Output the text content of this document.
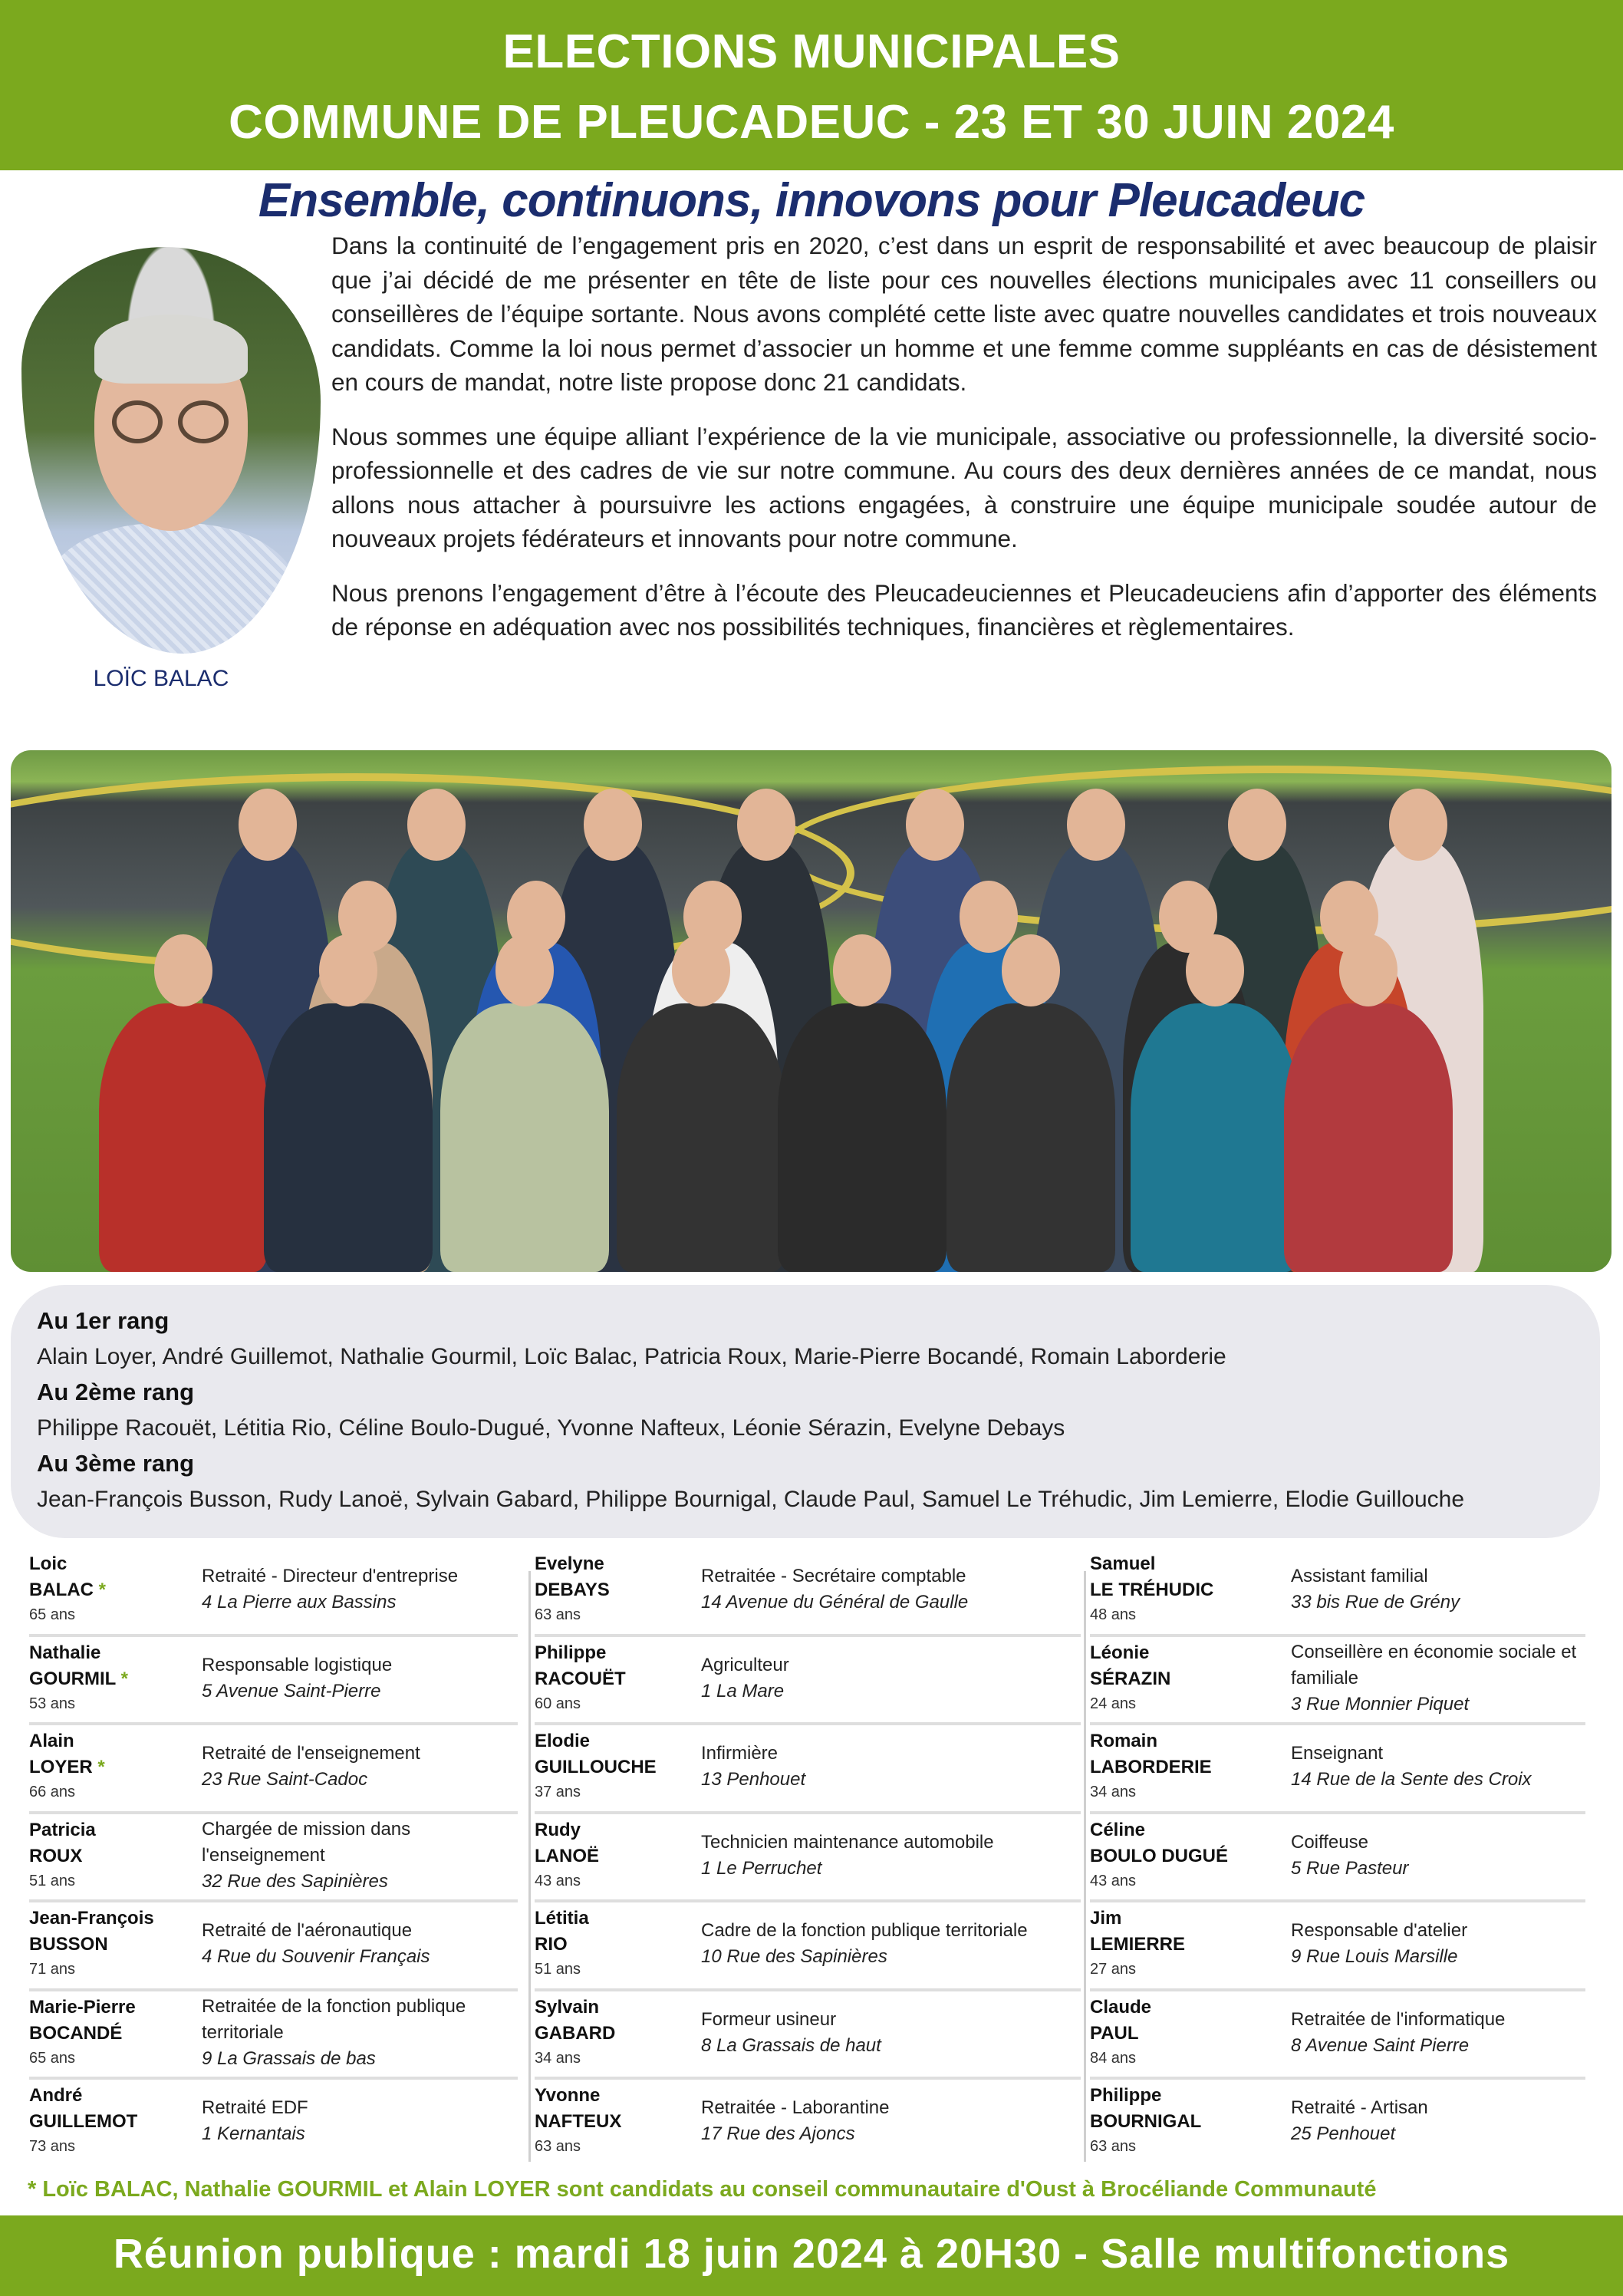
ELECTIONS MUNICIPALES
COMMUNE DE PLEUCADEUC - 23 ET 30 JUIN 2024
Ensemble, continuons, innovons pour Pleucadeuc
LOÏC BALAC

Dans la continuité de l’engagement pris en 2020, c’est dans un esprit de responsabilité et avec beaucoup de plaisir que j’ai décidé de me présenter en tête de liste pour ces nouvelles élections municipales avec 11 conseillers ou conseillères de l’équipe sortante. Nous avons complété cette liste avec quatre nouvelles candidates et trois nouveaux candidats. Comme la loi nous permet d’associer un homme et une femme comme suppléants en cas de désistement en cours de mandat, notre liste propose donc 21 candidats.

Nous sommes une équipe alliant l’expérience de la vie municipale, associative ou professionnelle, la diversité socio-professionnelle et des cadres de vie sur notre commune. Au cours des deux dernières années de ce mandat, nous allons nous attacher à poursuivre les actions engagées, à construire une équipe municipale soudée autour de nouveaux projets fédérateurs et innovants pour notre commune.

Nous prenons l’engagement d’être à l’écoute des Pleucadeuciennes et Pleucadeuciens afin d’apporter des éléments de réponse en adéquation avec nos possibilités techniques, financières et règlementaires.

Au 1er rang
Alain Loyer, André Guillemot, Nathalie Gourmil, Loïc Balac, Patricia Roux, Marie-Pierre Bocandé, Romain Laborderie
Au 2ème rang
Philippe Racouët, Létitia Rio, Céline Boulo-Dugué, Yvonne Nafteux, Léonie Sérazin, Evelyne Debays
Au 3ème rang
Jean-François Busson, Rudy Lanoë, Sylvain Gabard, Philippe Bournigal, Claude Paul, Samuel Le Tréhudic, Jim Lemierre, Elodie Guillouche
Loic
BALAC *
65 ans
Retraité - Directeur d'entreprise
4 La Pierre aux Bassins
Nathalie
GOURMIL *
53 ans
Responsable logistique
5 Avenue Saint-Pierre
Alain
LOYER *
66 ans
Retraité de l'enseignement
23 Rue Saint-Cadoc
Patricia
ROUX
51 ans
Chargée de mission dans l'enseignement
32 Rue des Sapinières
Jean-François
BUSSON
71 ans
Retraité de l'aéronautique
4 Rue du Souvenir Français
Marie-Pierre
BOCANDÉ
65 ans
Retraitée de la fonction publique territoriale
9 La Grassais de bas
André
GUILLEMOT
73 ans
Retraité EDF
1 Kernantais
Evelyne
DEBAYS
63 ans
Retraitée - Secrétaire comptable
14 Avenue du Général de Gaulle
Philippe
RACOUËT
60 ans
Agriculteur
1 La Mare
Elodie
GUILLOUCHE
37 ans
Infirmière
13 Penhouet
Rudy
LANOË
43 ans
Technicien maintenance automobile
1 Le Perruchet
Létitia
RIO
51 ans
Cadre de la fonction publique territoriale
10 Rue des Sapinières
Sylvain
GABARD
34 ans
Formeur usineur
8 La Grassais de haut
Yvonne
NAFTEUX
63 ans
Retraitée - Laborantine
17 Rue des Ajoncs
Samuel
LE TRÉHUDIC
48 ans
Assistant familial
33 bis Rue de Grény
Léonie
SÉRAZIN
24 ans
Conseillère en économie sociale et familiale
3 Rue Monnier Piquet
Romain
LABORDERIE
34 ans
Enseignant
14 Rue de la Sente des Croix
Céline
BOULO DUGUÉ
43 ans
Coiffeuse
5 Rue Pasteur
Jim
LEMIERRE
27 ans
Responsable d'atelier
9 Rue Louis Marsille
Claude
PAUL
84 ans
Retraitée de l'informatique
8 Avenue Saint Pierre
Philippe
BOURNIGAL
63 ans
Retraité - Artisan
25 Penhouet
* Loïc BALAC, Nathalie GOURMIL et Alain LOYER sont candidats au conseil communautaire d'Oust à Brocéliande Communauté
Réunion publique : mardi 18 juin 2024 à 20H30 - Salle multifonctions
